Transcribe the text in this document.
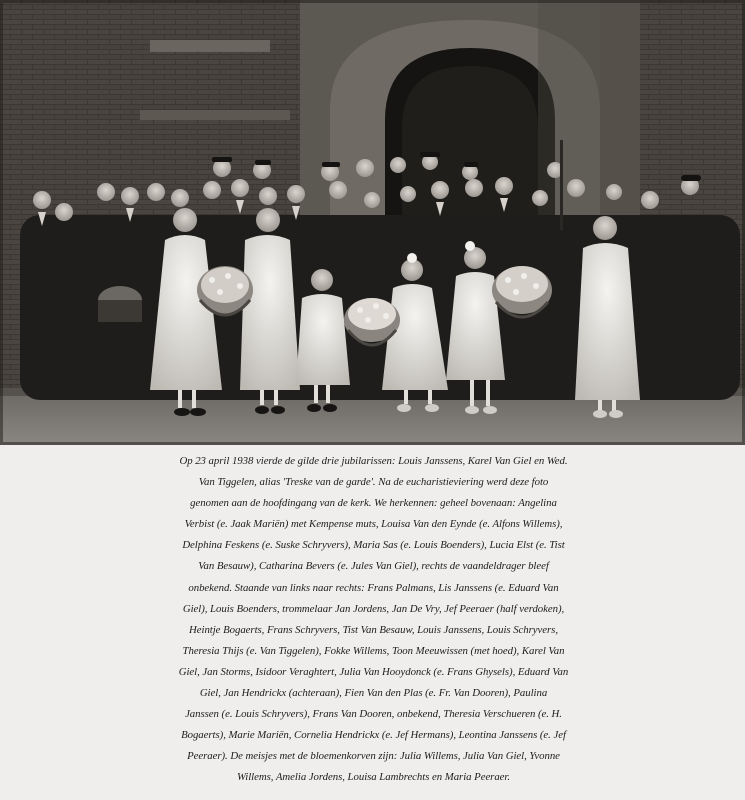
Op 23 april 1938 vierde de gilde drie jubilarissen: Louis Janssens, Karel Van Giel en Wed.
Van Tiggelen, alias 'Treske van de garde'. Na de eucharistieviering werd deze foto
genomen aan de hoofdingang van de kerk. We herkennen: geheel bovenaan: Angelina
Verbist (e. Jaak Mariën) met Kempense muts, Louisa Van den Eynde (e. Alfons Willems),
Delphina Feskens (e. Suske Schryvers), Maria Sas (e. Louis Boenders), Lucia Elst (e. Tist
Van Besauw), Catharina Bevers (e. Jules Van Giel), rechts de vaandeldrager bleef
onbekend. Staande van links naar rechts: Frans Palmans, Lis Janssens (e. Eduard Van
Giel), Louis Boenders, trommelaar Jan Jordens, Jan De Vry, Jef Peeraer (half verdoken),
Heintje Bogaerts, Frans Schryvers, Tist Van Besauw, Louis Janssens, Louis Schryvers,
Theresia Thijs (e. Van Tiggelen), Fokke Willems, Toon Meeuwissen (met hoed), Karel Van
Giel, Jan Storms, Isidoor Veraghtert, Julia Van Hooydonck (e. Frans Ghysels), Eduard Van
Giel, Jan Hendrickx (achteraan), Fien Van den Plas (e. Fr. Van Dooren), Paulina
Janssen (e. Louis Schryvers), Frans Van Dooren, onbekend, Theresia Verschueren (e. H.
Bogaerts), Marie Mariën, Cornelia Hendrickx (e. Jef Hermans), Leontina Janssens (e. Jef
Peeraer). De meisjes met de bloemenkorven zijn: Julia Willems, Julia Van Giel, Yvonne
Willems, Amelia Jordens, Louisa Lambrechts en Maria Peeraer.
